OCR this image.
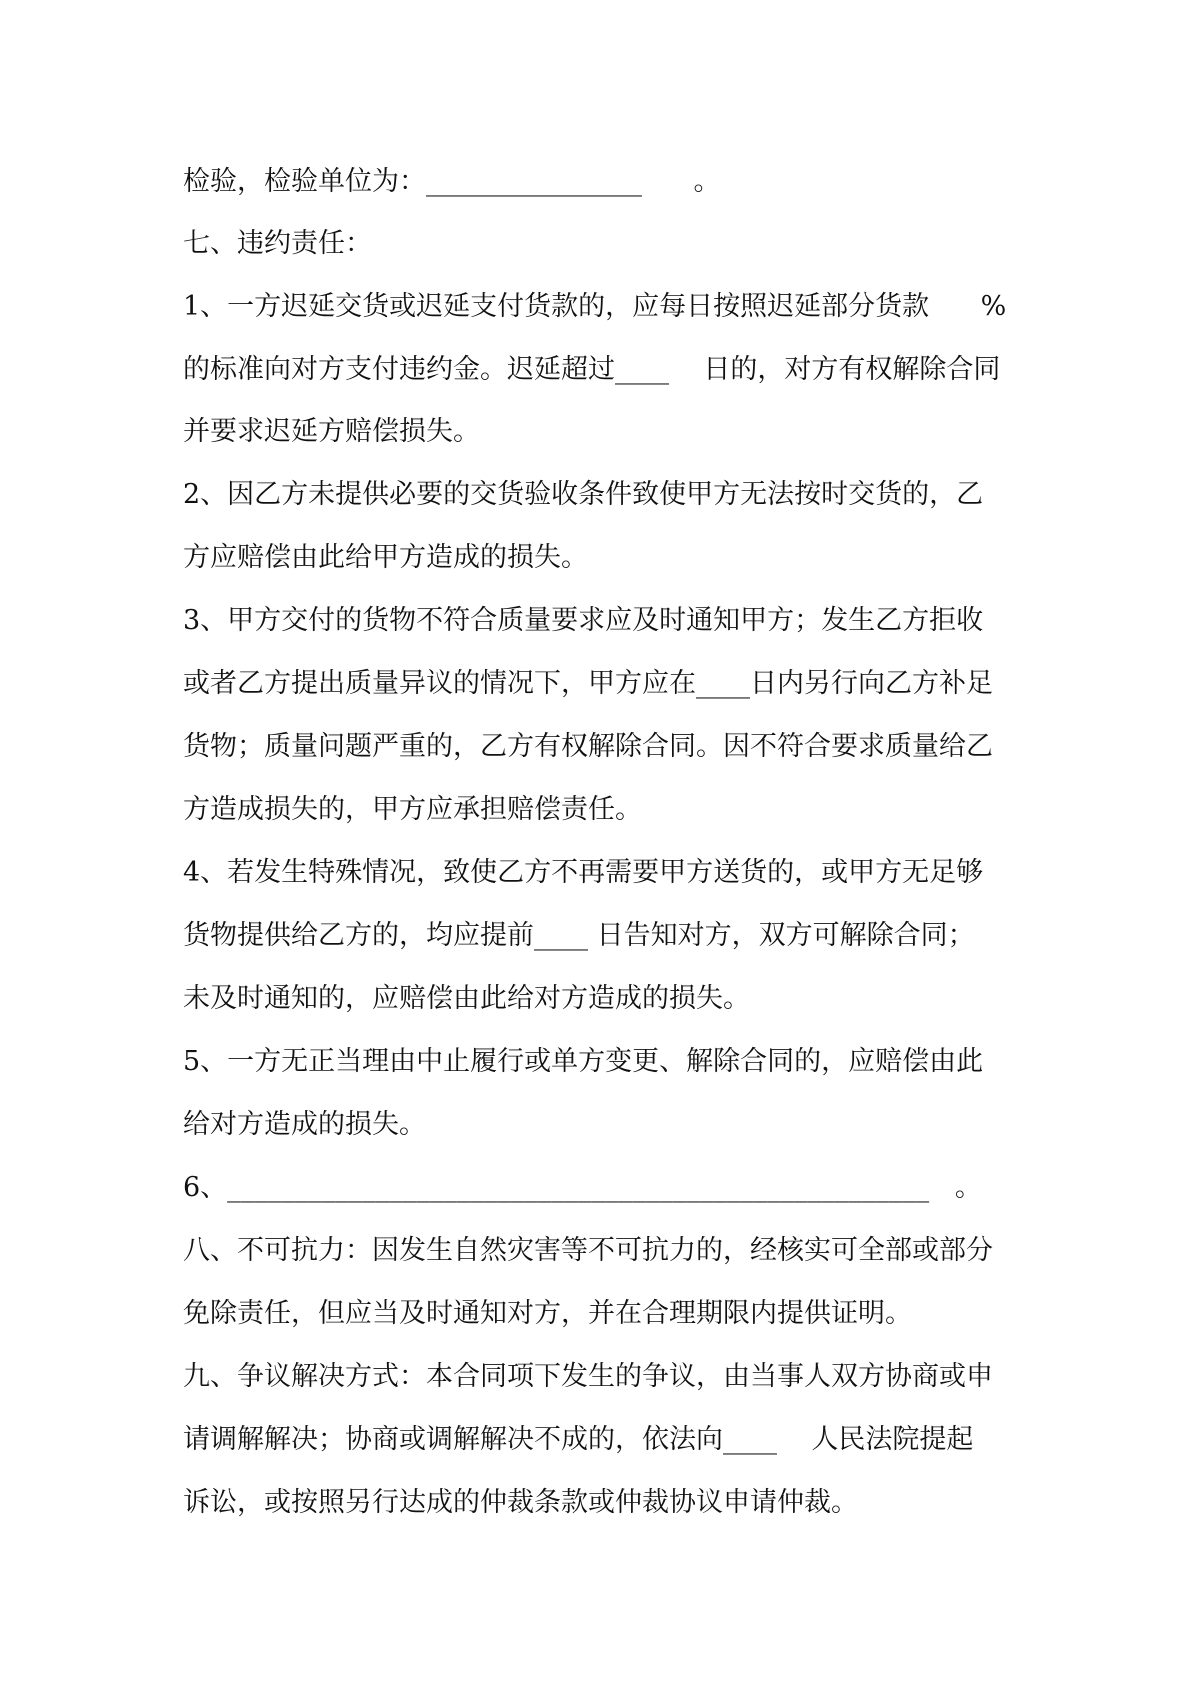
检验，检验单位为：________________      。
七、违约责任：
1、一方迟延交货或迟延支付货款的，应每日按照迟延部分货款      %
的标准向对方支付违约金。迟延超过____    日的，对方有权解除合同
并要求迟延方赔偿损失。
2、因乙方未提供必要的交货验收条件致使甲方无法按时交货的，乙
方应赔偿由此给甲方造成的损失。
3、甲方交付的货物不符合质量要求应及时通知甲方；发生乙方拒收
或者乙方提出质量异议的情况下，甲方应在____日内另行向乙方补足
货物；质量问题严重的，乙方有权解除合同。因不符合要求质量给乙
方造成损失的，甲方应承担赔偿责任。
4、若发生特殊情况，致使乙方不再需要甲方送货的，或甲方无足够
货物提供给乙方的，均应提前____ 日告知对方，双方可解除合同；
未及时通知的，应赔偿由此给对方造成的损失。
5、一方无正当理由中止履行或单方变更、解除合同的，应赔偿由此
给对方造成的损失。
6、____________________________________________________   。
八、不可抗力：因发生自然灾害等不可抗力的，经核实可全部或部分
免除责任，但应当及时通知对方，并在合理期限内提供证明。
九、争议解决方式：本合同项下发生的争议，由当事人双方协商或申
请调解解决；协商或调解解决不成的，依法向____    人民法院提起
诉讼，或按照另行达成的仲裁条款或仲裁协议申请仲裁。
